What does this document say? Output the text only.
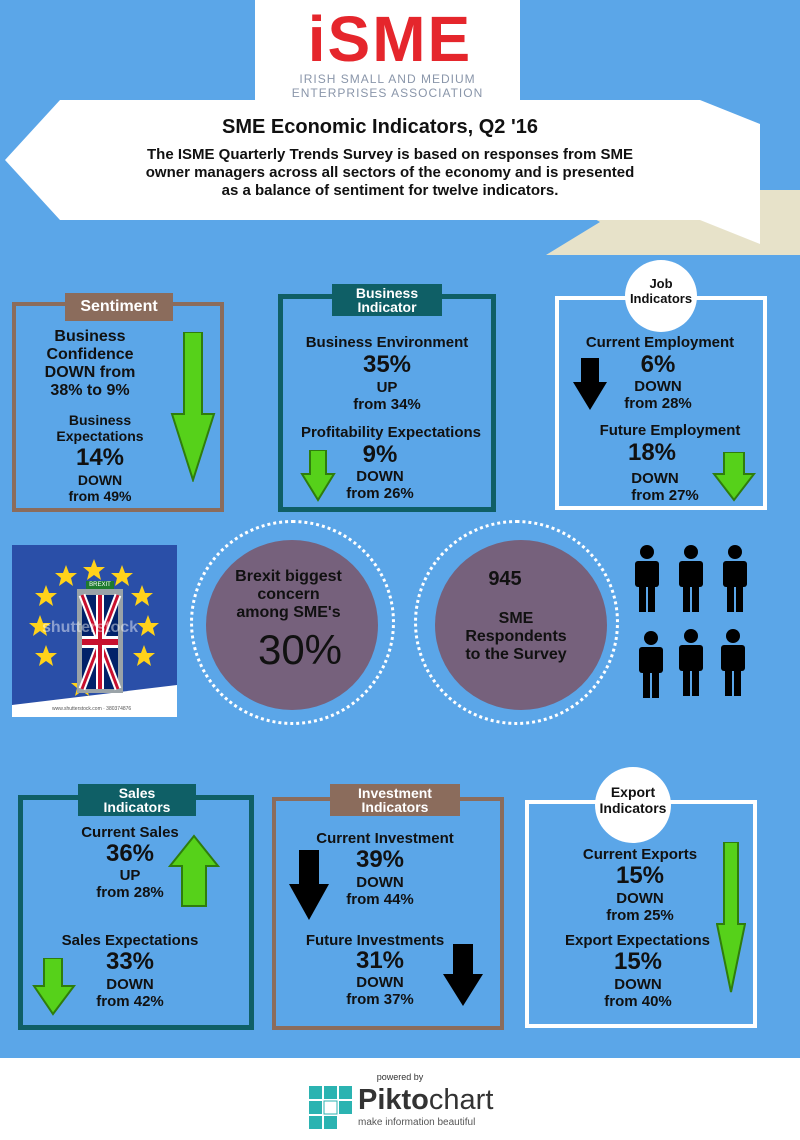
iSME
IRISH SMALL AND MEDIUM
ENTERPRISES ASSOCIATION
SME Economic Indicators, Q2 '16
The ISME Quarterly Trends Survey is based on responses from SME
owner managers across all sectors of the economy and is presented
as a balance of sentiment for twelve indicators.
Sentiment
Business
Confidence
DOWN from
38% to 9%
Business
Expectations
14%
DOWN
from 49%
Business
Indicator
Business Environment
35%
UP
from 34%
Profitability Expectations
9%
DOWN
from 26%
Job
Indicators
Current Employment
6%
DOWN
from 28%
Future Employment
18%
DOWN
from 27%
BREXIT
shutterstock
www.shutterstock.com · 380374876
Brexit biggest
concern
among SME's
30%
945
SME
Respondents
to the Survey
Sales
Indicators
Current Sales
36%
UP
from 28%
Sales Expectations
33%
DOWN
from 42%
Investment
Indicators
Current Investment
39%
DOWN
from 44%
Future Investments
31%
DOWN
from 37%
Export
Indicators
Current Exports
15%
DOWN
from 25%
Export Expectations
15%
DOWN
from 40%
powered by
Piktochart
make information beautiful
